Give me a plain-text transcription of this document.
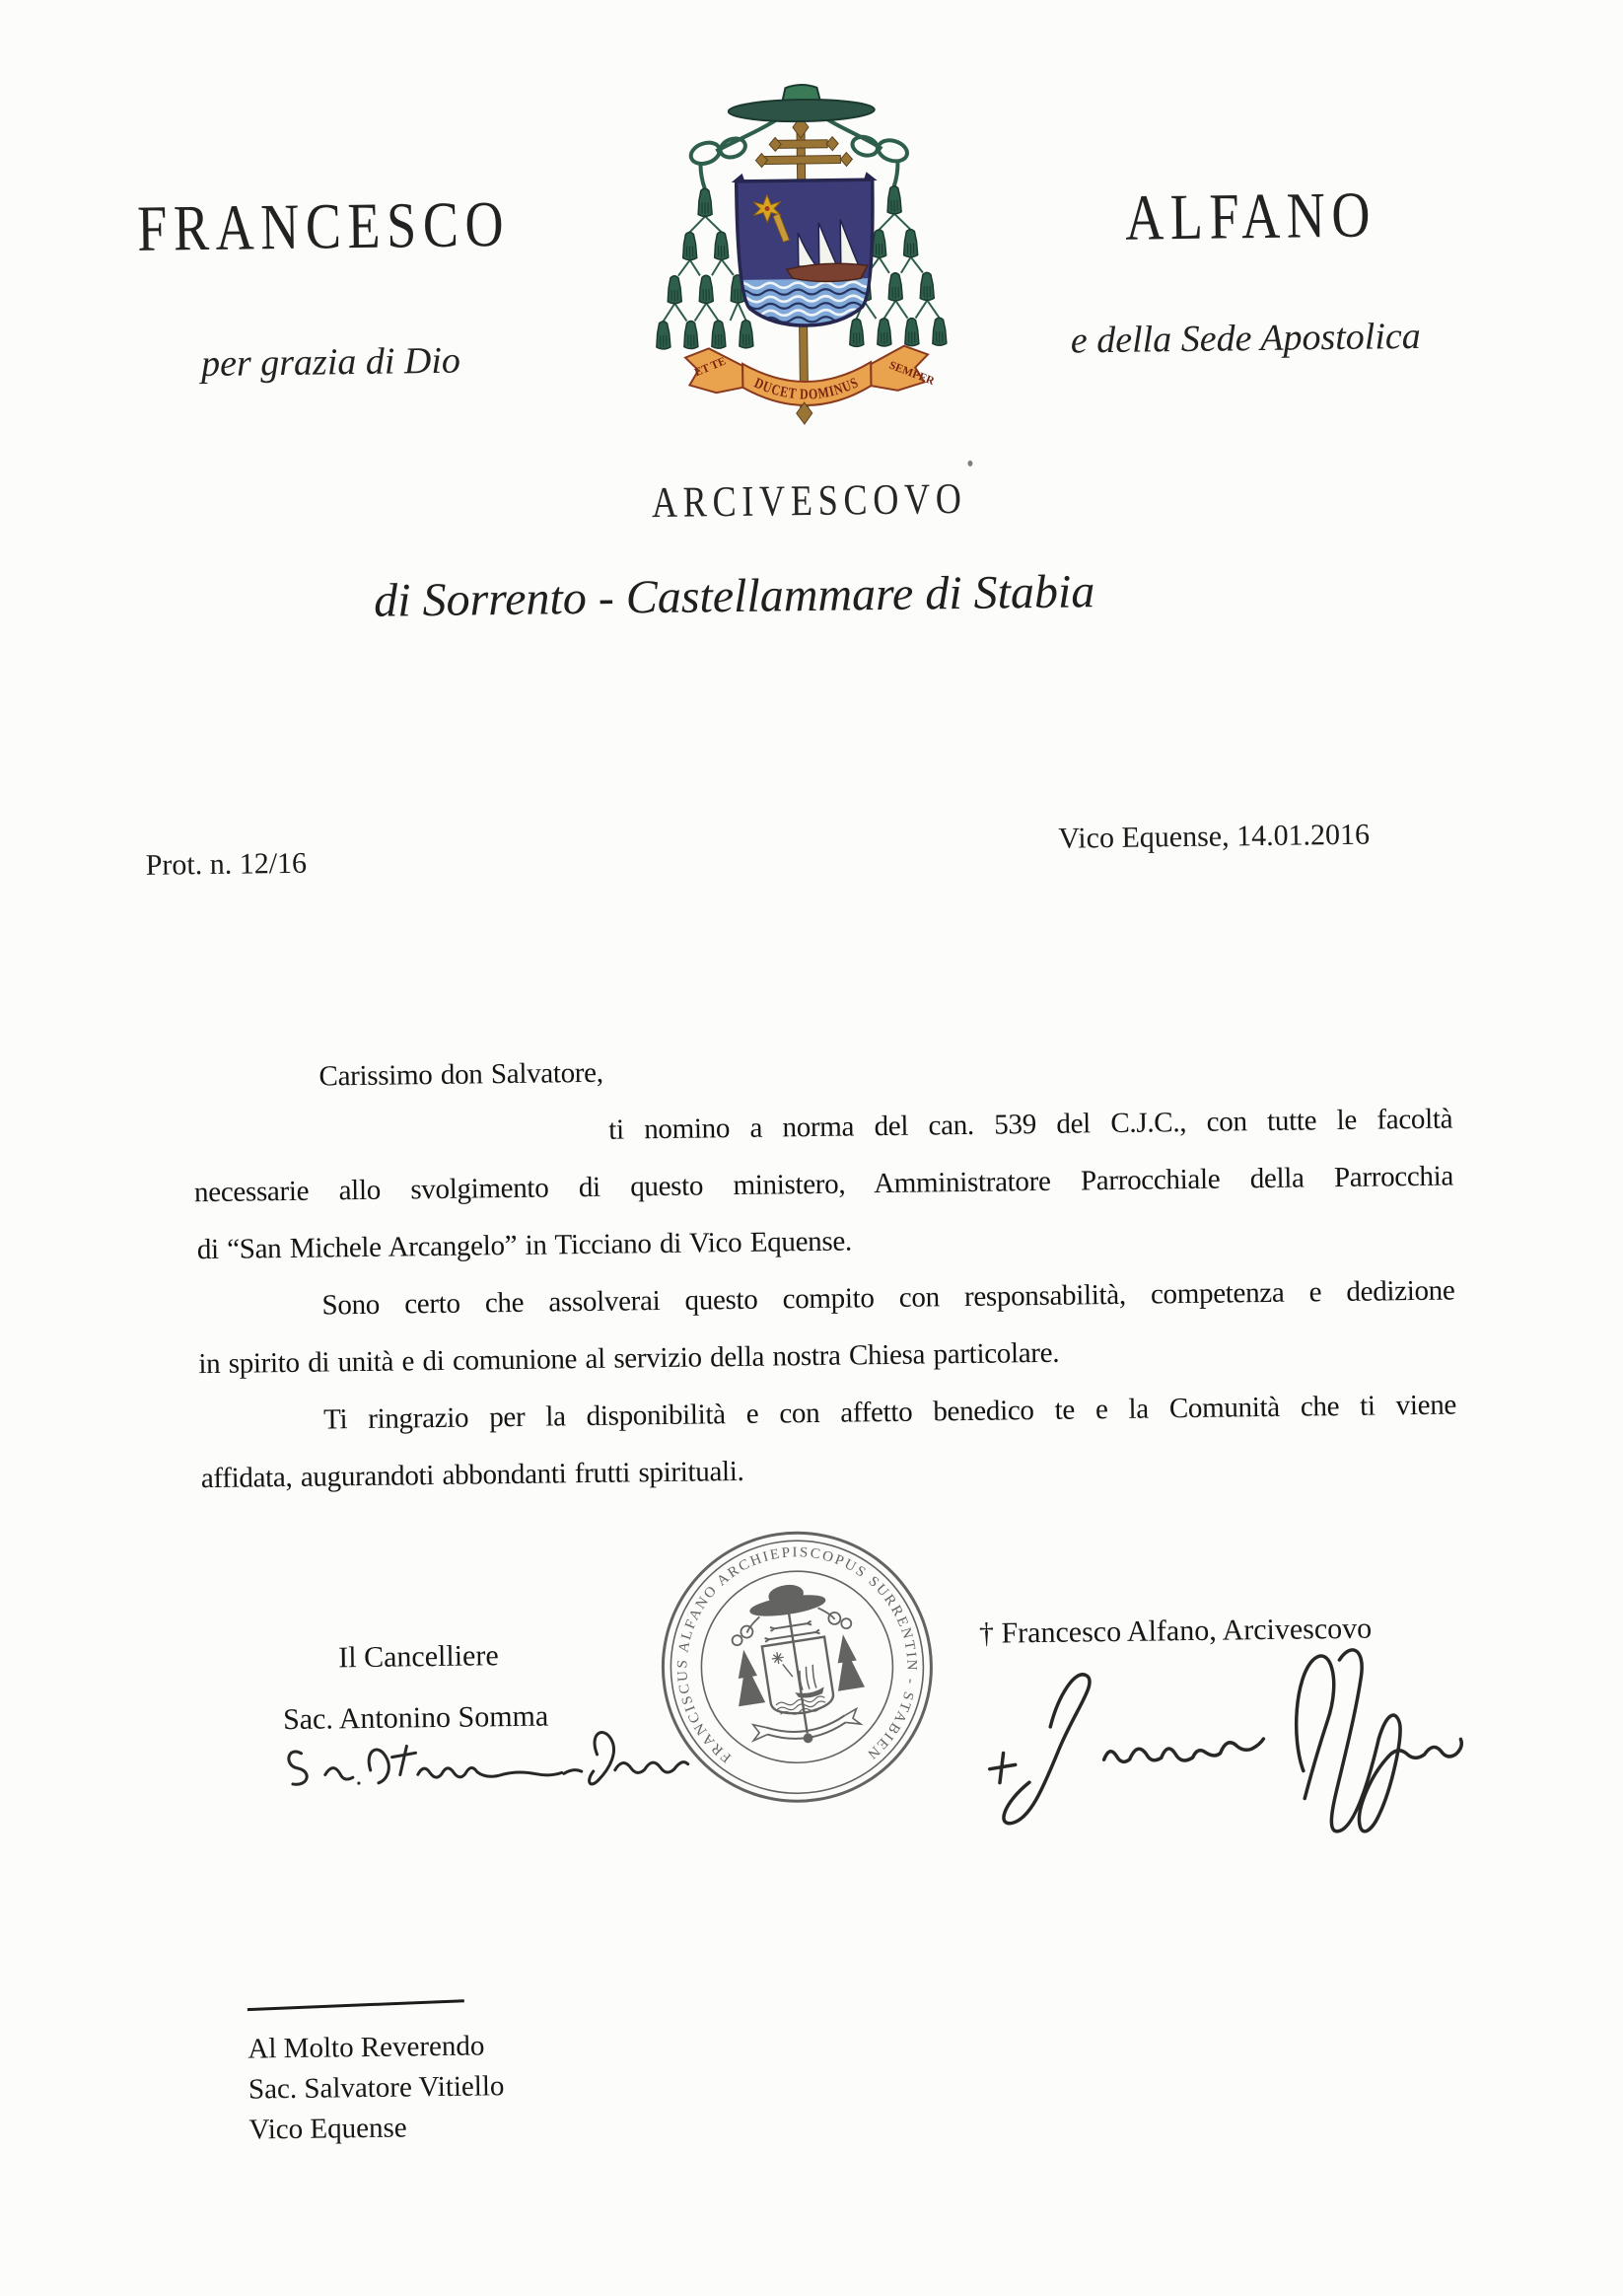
FRANCESCO
per grazia di Dio
ALFANO
e della Sede Apostolica
ARCIVESCOVO
di Sorrento - Castellammare di Stabia
DUCET DOMINUS
ET TE	SEMPER
Prot. n. 12/16
Vico Equense, 14.01.2016
Carissimo don Salvatore,
ti nomino a norma del can. 539 del C.J.C., con tutte le facoltà
necessarie allo svolgimento di questo ministero, Amministratore Parrocchiale della Parrocchia
di “San Michele Arcangelo” in Ticciano di Vico Equense.
Sono certo che assolverai questo compito con responsabilità, competenza e dedizione
in spirito di unità e di comunione al servizio della nostra Chiesa particolare.
Ti ringrazio per la disponibilità e con affetto benedico te e la Comunità che ti viene
affidata, augurandoti abbondanti frutti spirituali.
Il Cancelliere
Sac. Antonino Somma
FRANCISCUS ALFANO ARCHIEPISCOPUS SURRENTIN - STABIEN
† Francesco Alfano, Arcivescovo
Al Molto Reverendo
Sac. Salvatore Vitiello
Vico Equense
